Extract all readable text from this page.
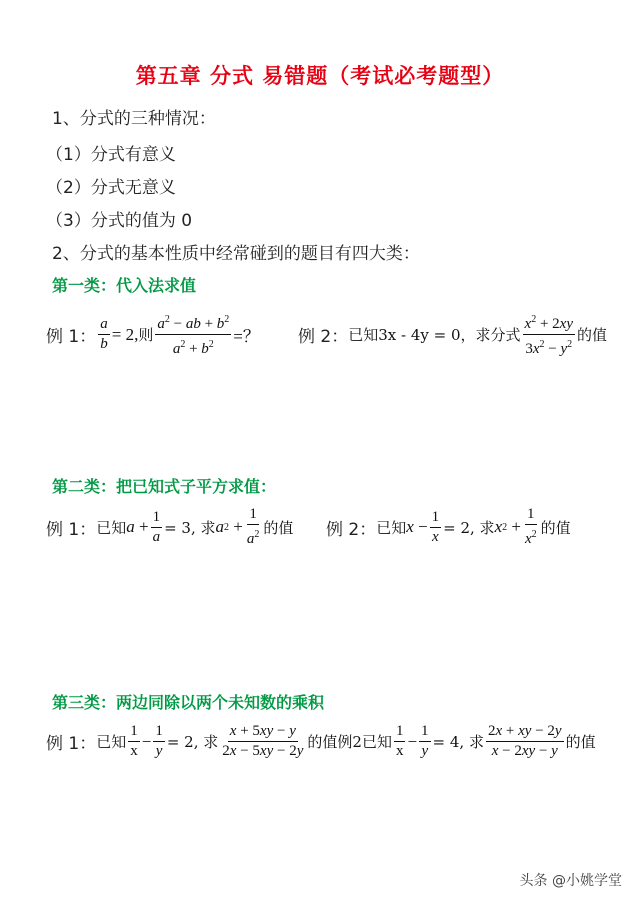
第五章 分式 易错题（考试必考题型）
1、分式的三种情况：
（1）分式有意义
（2）分式无意义
（3）分式的值为 0
2、分式的基本性质中经常碰到的题目有四大类：
第一类：代入法求值
例 1： $\frac{a}{b} = 2$, 则 $\frac{a^2 - ab + b^2}{a^2 + b^2}$ =？ 例 2： 已知3x - 4y = 0，求分式 $\frac{x^2 + 2xy}{3x^2 - y^2}$ 的值
第二类：把已知式子平方求值：
例 1： 已知 $a + \frac{1}{a} = 3$, 求 a $2 + \frac{1}{a^2}$ 的值 例 2： 已知 $x - \frac{1}{x} = 2$, 求 x $2 + \frac{1}{x^2}$ 的值
第三类：两边同除以两个未知数的乘积
例 1： 已知 $\frac{1}{x} - \frac{1}{y} = 2$, 求 $\frac{x + 5xy - y}{2x - 5xy - 2y}$ 的值 例2 已知 $\frac{1}{x} - \frac{1}{y} = 4$, 求 $\frac{2x + xy - 2y}{x - 2xy - y}$ 的值
头条 @小姚学堂
